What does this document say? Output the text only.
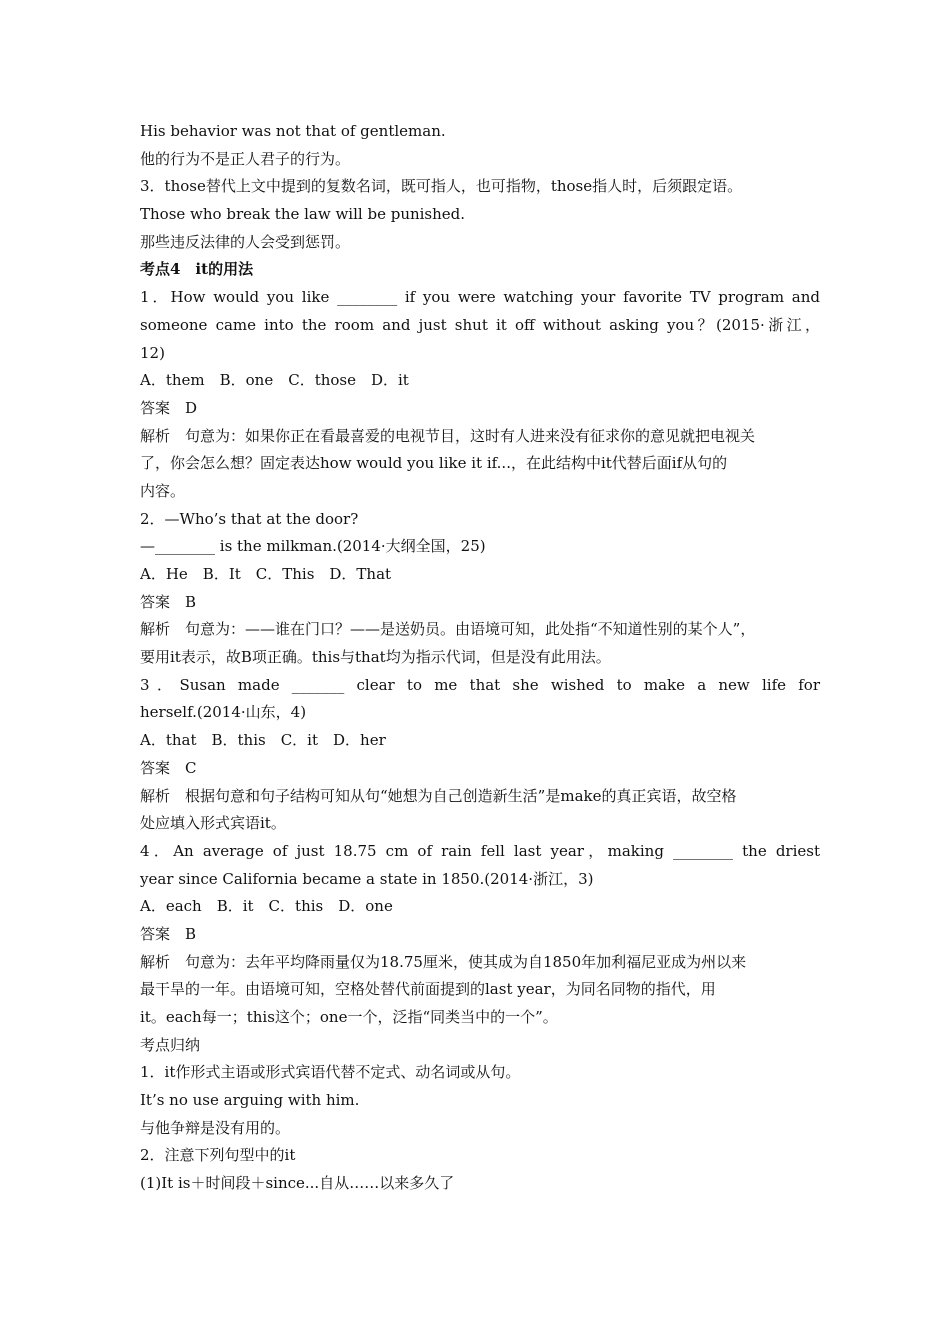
His behavior was not that of gentleman.
他的行为不是正人君子的行为。
3．those替代上文中提到的复数名词，既可指人，也可指物，those指人时，后须跟定语。
Those who break the law will be punished.
那些违反法律的人会受到惩罚。
考点4　it的用法
1．How would you like ________ if you were watching your favorite TV program and
someone came into the room and just shut it off without asking you？(2015·浙江，
12)
A．them　B．one　C．those　D．it
答案　D
解析　句意为：如果你正在看最喜爱的电视节目，这时有人进来没有征求你的意见就把电视关
了，你会怎么想？固定表达how would you like it if...，在此结构中it代替后面if从句的
内容。
2．—Who’s that at the door?
—________ is the milkman.(2014·大纲全国，25)
A．He　B．It　C．This　D．That
答案　B
解析　句意为：——谁在门口？——是送奶员。由语境可知，此处指“不知道性别的某个人”，
要用it表示，故B项正确。this与that均为指示代词，但是没有此用法。
3．Susan made _______ clear to me that she wished to make a new life for
herself.(2014·山东，4)
A．that　B．this　C．it　D．her
答案　C
解析　根据句意和句子结构可知从句“她想为自己创造新生活”是make的真正宾语，故空格
处应填入形式宾语it。
4．An average of just 18.75 cm of rain fell last year，making ________ the driest
year since California became a state in 1850.(2014·浙江，3)
A．each　B．it　C．this　D．one
答案　B
解析　句意为：去年平均降雨量仅为18.75厘米，使其成为自1850年加利福尼亚成为州以来
最干旱的一年。由语境可知，空格处替代前面提到的last year，为同名同物的指代，用
it。each每一；this这个；one一个，泛指“同类当中的一个”。
考点归纳
1．it作形式主语或形式宾语代替不定式、动名词或从句。
It’s no use arguing with him.
与他争辩是没有用的。
2．注意下列句型中的it
(1)It is＋时间段＋since...自从……以来多久了
